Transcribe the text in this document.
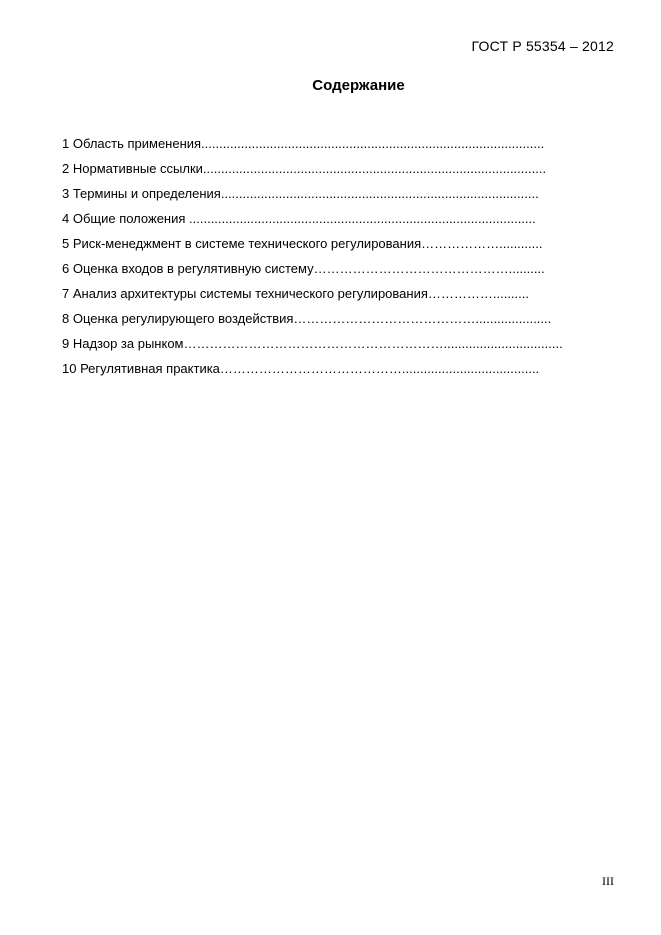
ГОСТ Р 55354 – 2012
Содержание
1 Область применения...............................................................................................
2 Нормативные ссылки...............................................................................................
3 Термины и определения........................................................................................
4 Общие положения ................................................................................................
5 Риск-менеджмент в системе технического регулирования………………............
6 Оценка входов в регулятивную систему………………………………………..........
7 Анализ архитектуры системы технического регулирования……………..........
8 Оценка регулирующего воздействия…………………………………….....................
9 Надзор за рынком…………………………………………………….................................
10 Регулятивная практика……………………………………......................................
III
